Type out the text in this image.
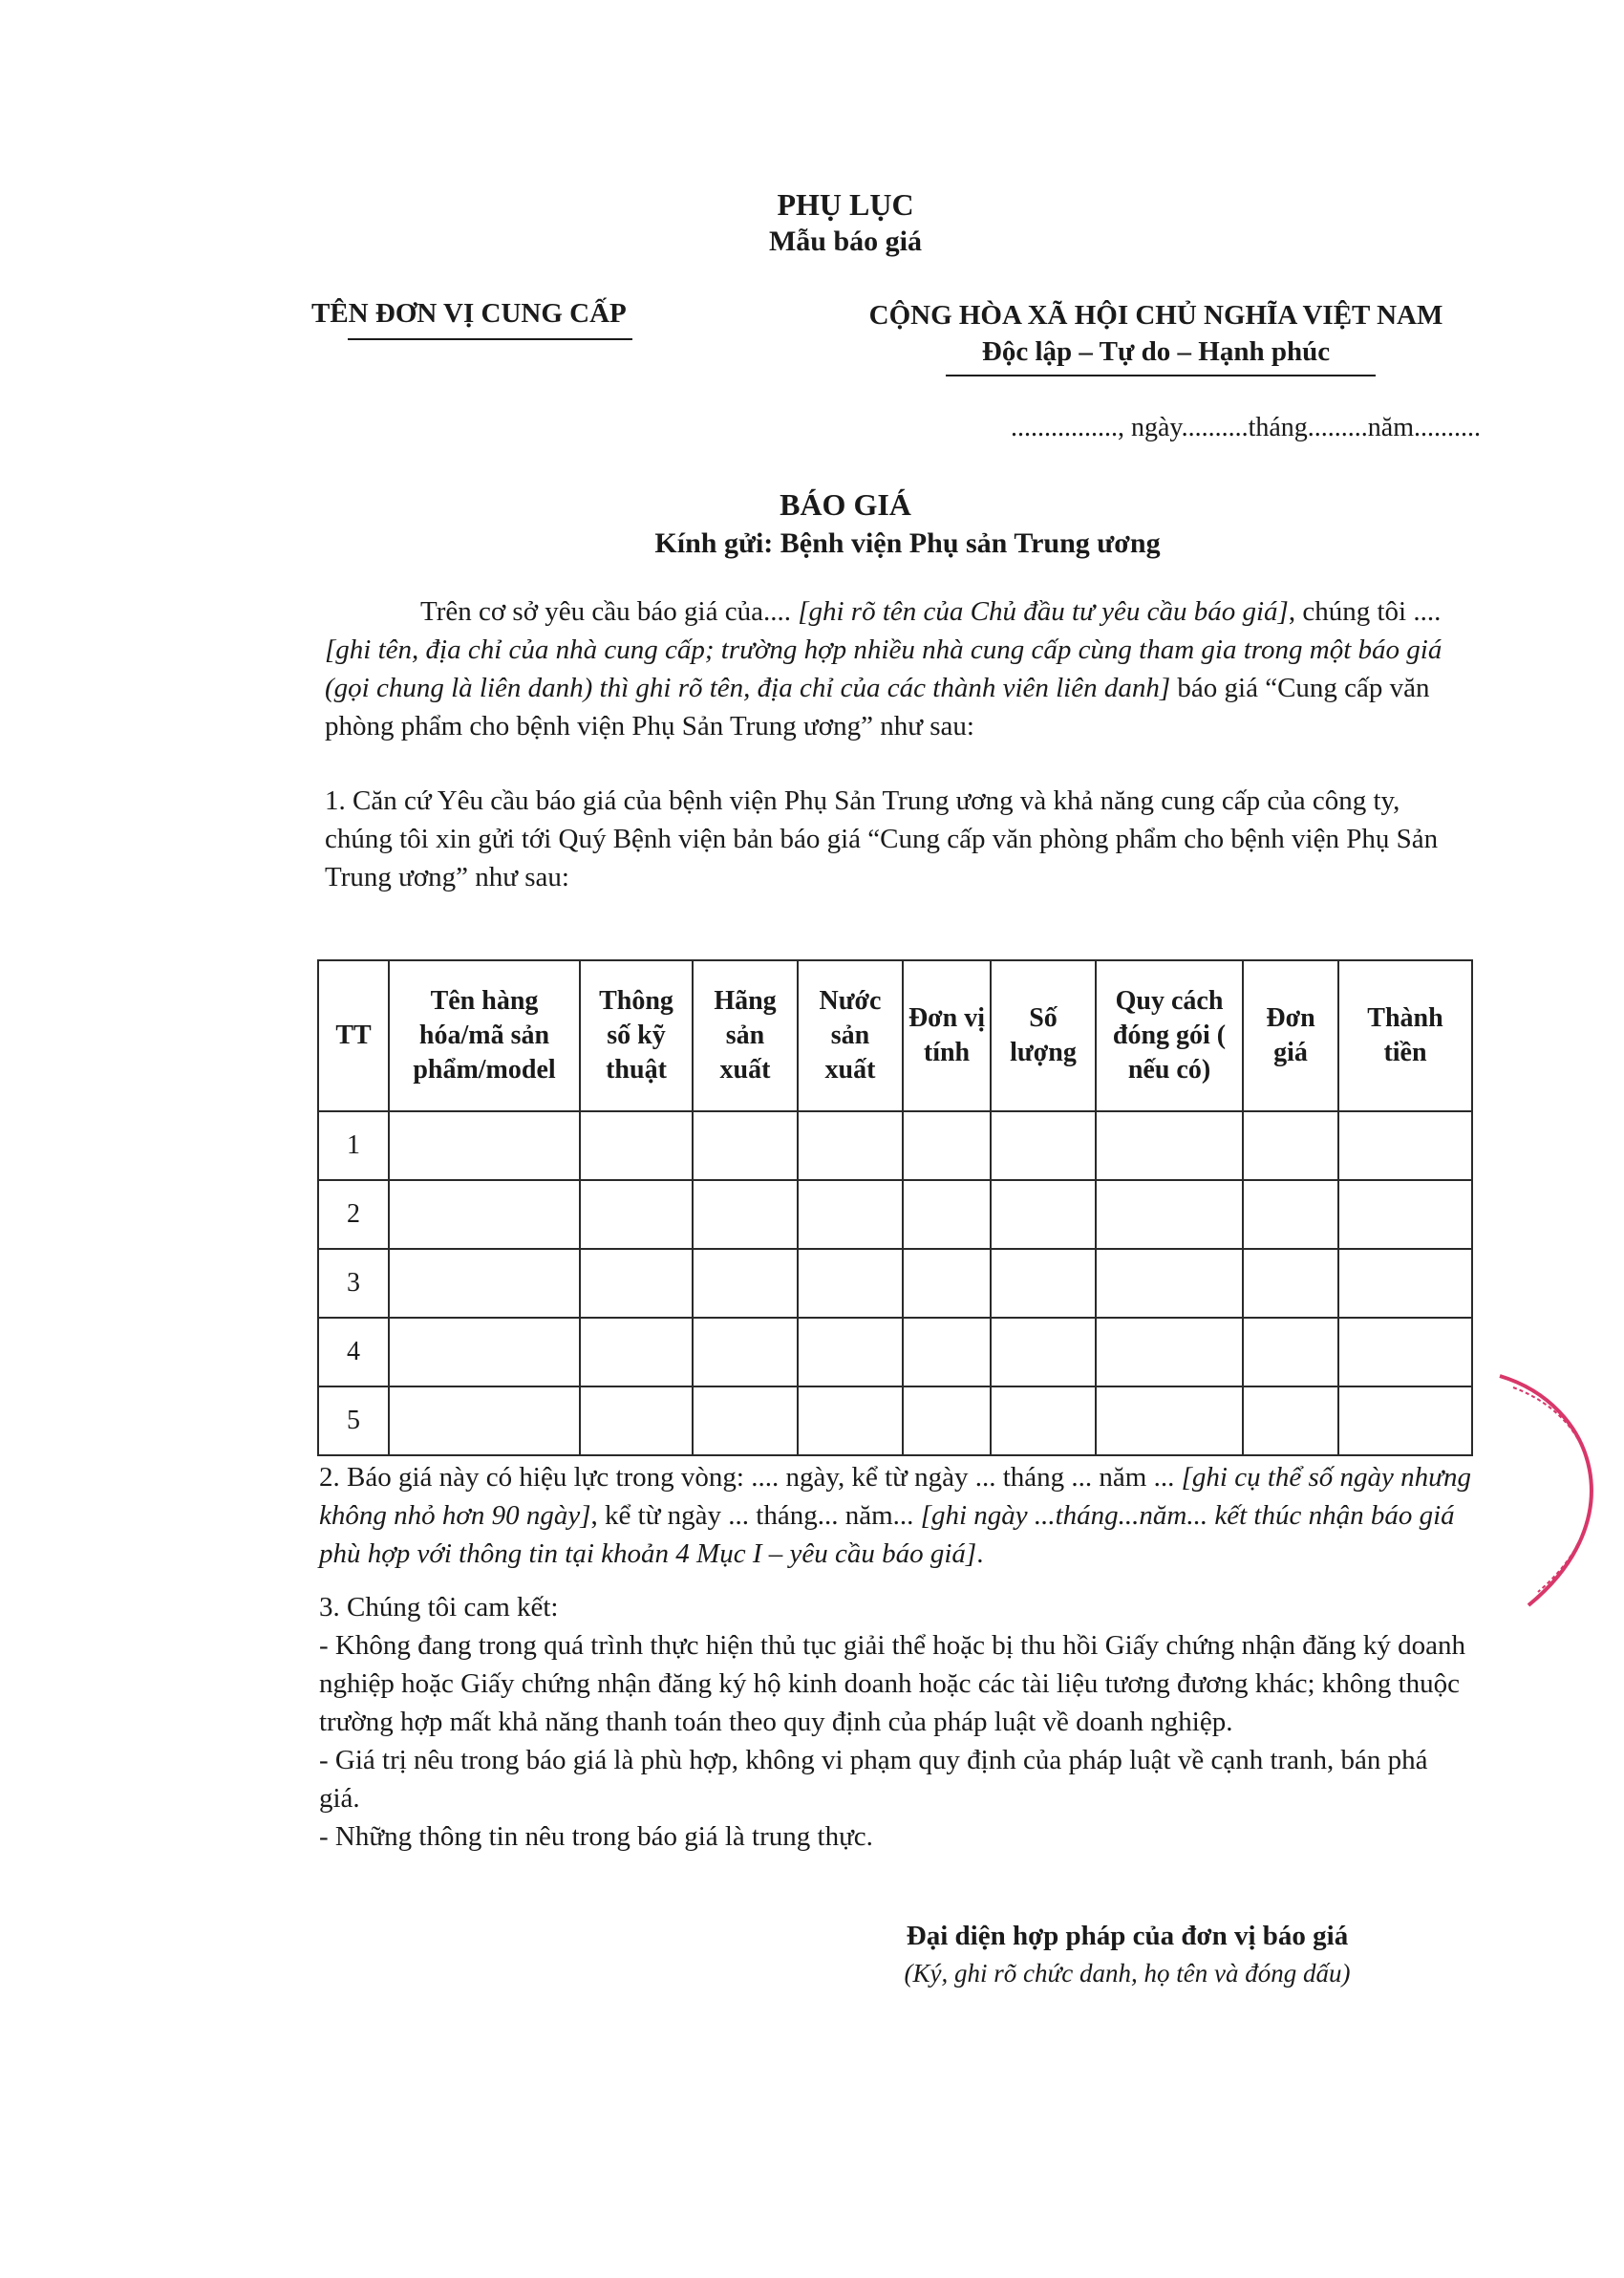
PHỤ LỤC
Mẫu báo giá
TÊN ĐƠN VỊ CUNG CẤP	CỘNG HÒA XÃ HỘI CHỦ NGHĨA VIỆT NAM
Độc lập – Tự do – Hạnh phúc
................, ngày..........tháng.........năm..........
BÁO GIÁ
Kính gửi: Bệnh viện Phụ sản Trung ương
Trên cơ sở yêu cầu báo giá của.... [ghi rõ tên của Chủ đầu tư yêu cầu báo giá], chúng tôi .... [ghi tên, địa chỉ của nhà cung cấp; trường hợp nhiều nhà cung cấp cùng tham gia trong một báo giá (gọi chung là liên danh) thì ghi rõ tên, địa chỉ của các thành viên liên danh] báo giá “Cung cấp văn phòng phẩm cho bệnh viện Phụ Sản Trung ương” như sau:
1. Căn cứ Yêu cầu báo giá của bệnh viện Phụ Sản Trung ương và khả năng cung cấp của công ty, chúng tôi xin gửi tới Quý Bệnh viện bản báo giá “Cung cấp văn phòng phẩm cho bệnh viện Phụ Sản Trung ương” như sau:
TT	Tên hàng hóa/mã sản phẩm/model	Thông số kỹ thuật	Hãng sản xuất	Nước sản xuất	Đơn vị tính	Số lượng	Quy cách đóng gói ( nếu có)	Đơn giá	Thành tiền
1									
2									
3									
4									
5									
2. Báo giá này có hiệu lực trong vòng: .... ngày, kể từ ngày ... tháng ... năm ... [ghi cụ thể số ngày nhưng không nhỏ hơn 90 ngày], kể từ ngày ... tháng... năm... [ghi ngày ...tháng...năm... kết thúc nhận báo giá phù hợp với thông tin tại khoản 4 Mục I – yêu cầu báo giá].
3. Chúng tôi cam kết:
- Không đang trong quá trình thực hiện thủ tục giải thể hoặc bị thu hồi Giấy chứng nhận đăng ký doanh nghiệp hoặc Giấy chứng nhận đăng ký hộ kinh doanh hoặc các tài liệu tương đương khác; không thuộc trường hợp mất khả năng thanh toán theo quy định của pháp luật về doanh nghiệp.
- Giá trị nêu trong báo giá là phù hợp, không vi phạm quy định của pháp luật về cạnh tranh, bán phá giá.
- Những thông tin nêu trong báo giá là trung thực.
Đại diện hợp pháp của đơn vị báo giá
(Ký, ghi rõ chức danh, họ tên và đóng dấu)
